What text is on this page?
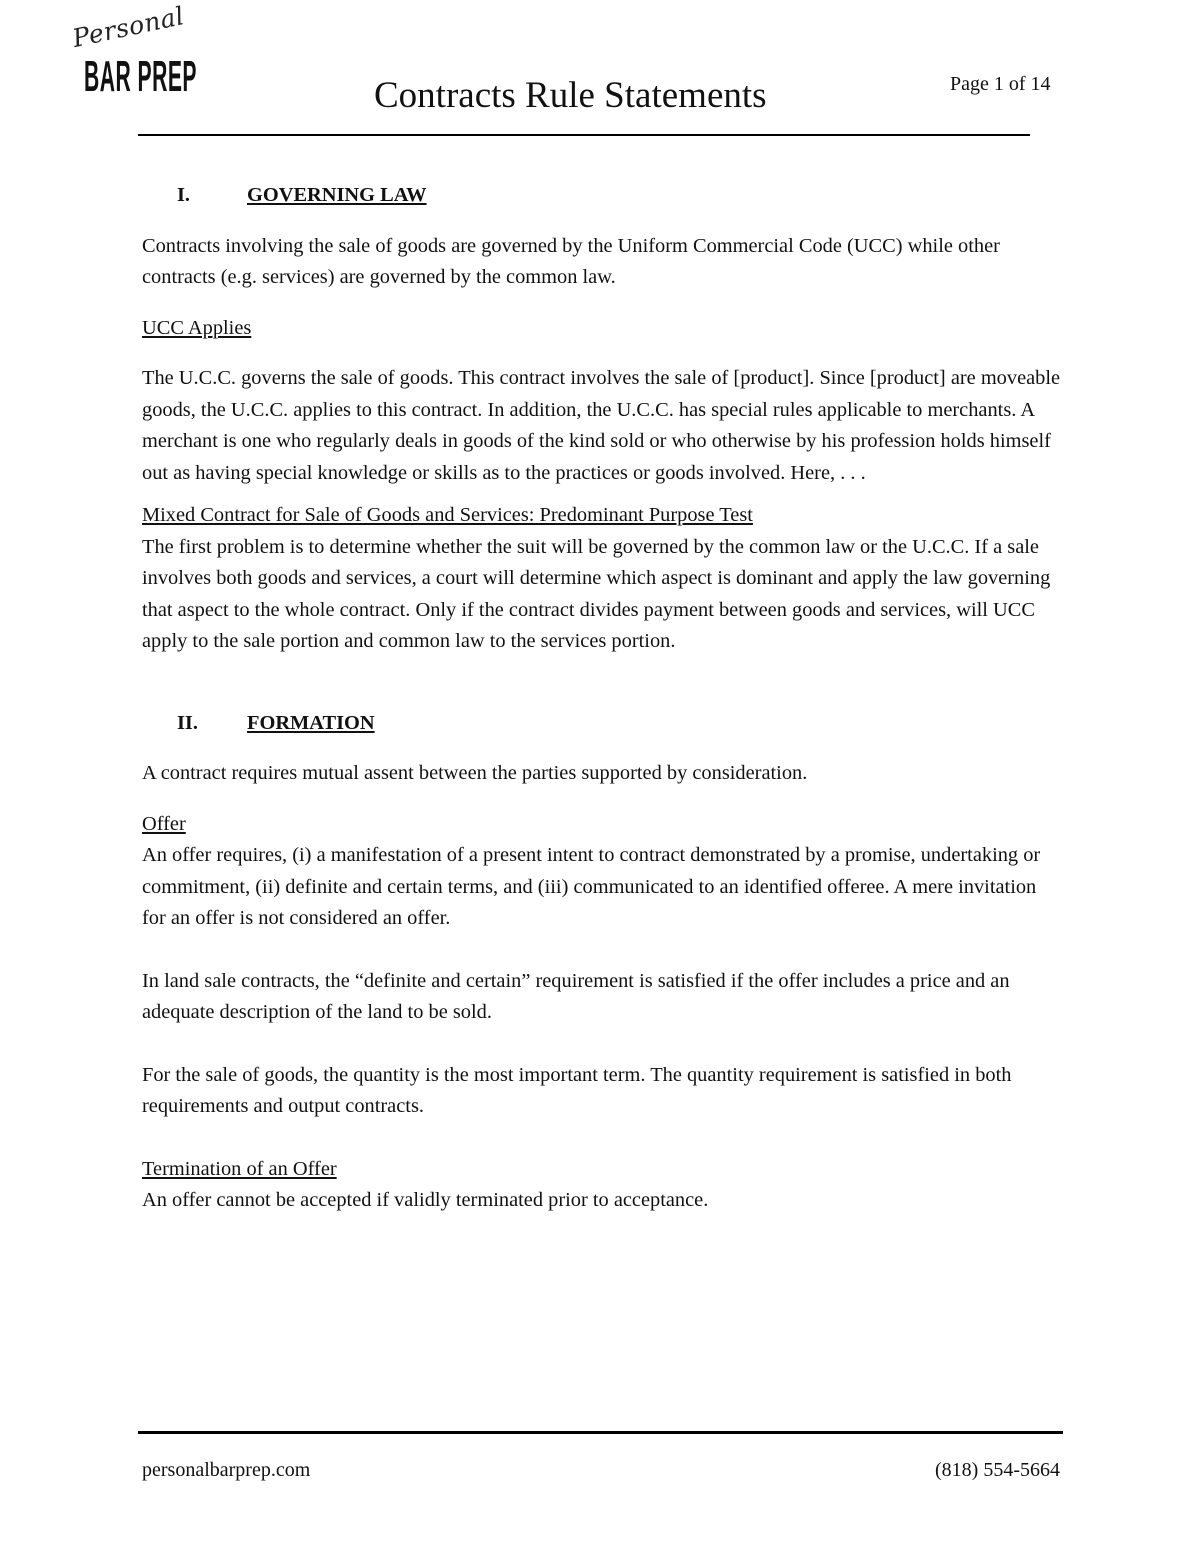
Personal
BAR PREP	Contracts Rule Statements	Page 1 of 14
I.	GOVERNING LAW

Contracts involving the sale of goods are governed by the Uniform Commercial Code (UCC) while other contracts (e.g. services) are governed by the common law.

UCC Applies

The U.C.C. governs the sale of goods. This contract involves the sale of [product]. Since [product] are moveable goods, the U.C.C. applies to this contract. In addition, the U.C.C. has special rules applicable to merchants. A merchant is one who regularly deals in goods of the kind sold or who otherwise by his profession holds himself out as having special knowledge or skills as to the practices or goods involved. Here, . . .

Mixed Contract for Sale of Goods and Services: Predominant Purpose Test

The first problem is to determine whether the suit will be governed by the common law or the U.C.C. If a sale involves both goods and services, a court will determine which aspect is dominant and apply the law governing that aspect to the whole contract. Only if the contract divides payment between goods and services, will UCC apply to the sale portion and common law to the services portion.

II.	FORMATION

A contract requires mutual assent between the parties supported by consideration.

Offer

An offer requires, (i) a manifestation of a present intent to contract demonstrated by a promise, undertaking or commitment, (ii) definite and certain terms, and (iii) communicated to an identified offeree. A mere invitation for an offer is not considered an offer.

In land sale contracts, the “definite and certain” requirement is satisfied if the offer includes a price and an adequate description of the land to be sold.

For the sale of goods, the quantity is the most important term. The quantity requirement is satisfied in both requirements and output contracts.

Termination of an Offer

An offer cannot be accepted if validly terminated prior to acceptance.

personalbarprep.com	(818) 554-5664
